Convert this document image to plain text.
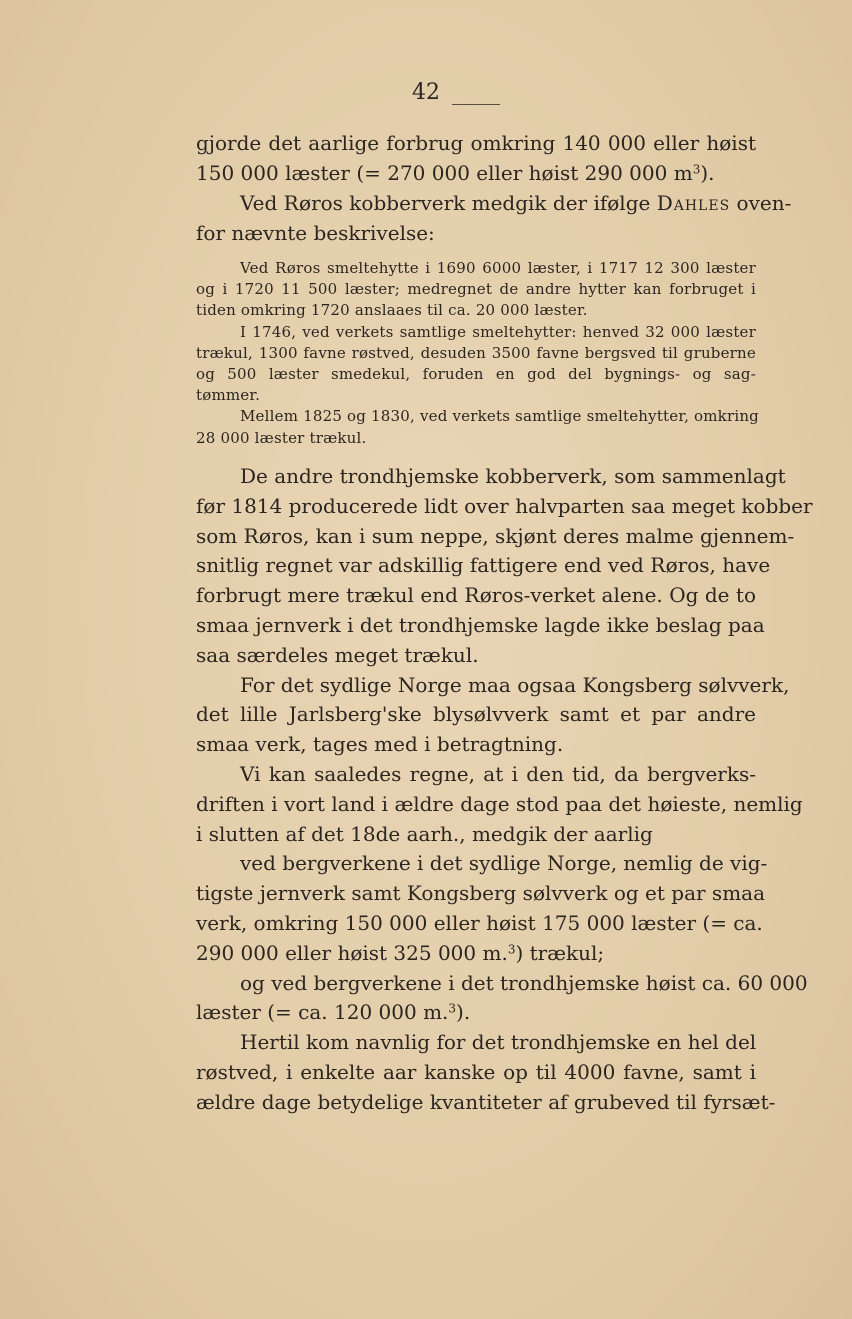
42
gjorde det aarlige forbrug omkring 140 000 eller høist
150 000 læster (= 270 000 eller høist 290 000 $m^3$).
Ved Røros kobberverk medgik der ifølge Dahles oven-
for nævnte beskrivelse:
Ved Røros smeltehytte i 1690 6000 læster, i 1717 12 300 læster
og i 1720 11 500 læster; medregnet de andre hytter kan forbruget i
tiden omkring 1720 anslaaes til ca. 20 000 læster.
I 1746, ved verkets samtlige smeltehytter: henved 32 000 læster
trækul, 1300 favne røstved, desuden 3500 favne bergsved til gruberne
og 500 læster smedekul, foruden en god del bygnings- og sag-
tømmer.
Mellem 1825 og 1830, ved verkets samtlige smeltehytter, omkring
28 000 læster trækul.
De andre trondhjemske kobberverk, som sammenlagt
før 1814 producerede lidt over halvparten saa meget kobber
som Røros, kan i sum neppe, skjønt deres malme gjennem-
snitlig regnet var adskillig fattigere end ved Røros, have
forbrugt mere trækul end Røros-verket alene. Og de to
smaa jernverk i det trondhjemske lagde ikke beslag paa
saa særdeles meget trækul.
For det sydlige Norge maa ogsaa Kongsberg sølvverk,
det lille Jarlsberg'ske blysølvverk samt et par andre
smaa verk, tages med i betragtning.
Vi kan saaledes regne, at i den tid, da bergverks-
driften i vort land i ældre dage stod paa det høieste, nemlig
i slutten af det 18de aarh., medgik der aarlig
ved bergverkene i det sydlige Norge, nemlig de vig-
tigste jernverk samt Kongsberg sølvverk og et par smaa
verk, omkring 150 000 eller høist 175 000 læster (= ca.
290 000 eller høist 325 000 m.$^3$) trækul;
og ved bergverkene i det trondhjemske høist ca. 60 000
læster (= ca. 120 000 m.$^3$).
Hertil kom navnlig for det trondhjemske en hel del
røstved, i enkelte aar kanske op til 4000 favne, samt i
ældre dage betydelige kvantiteter af grubeved til fyrsæt-
